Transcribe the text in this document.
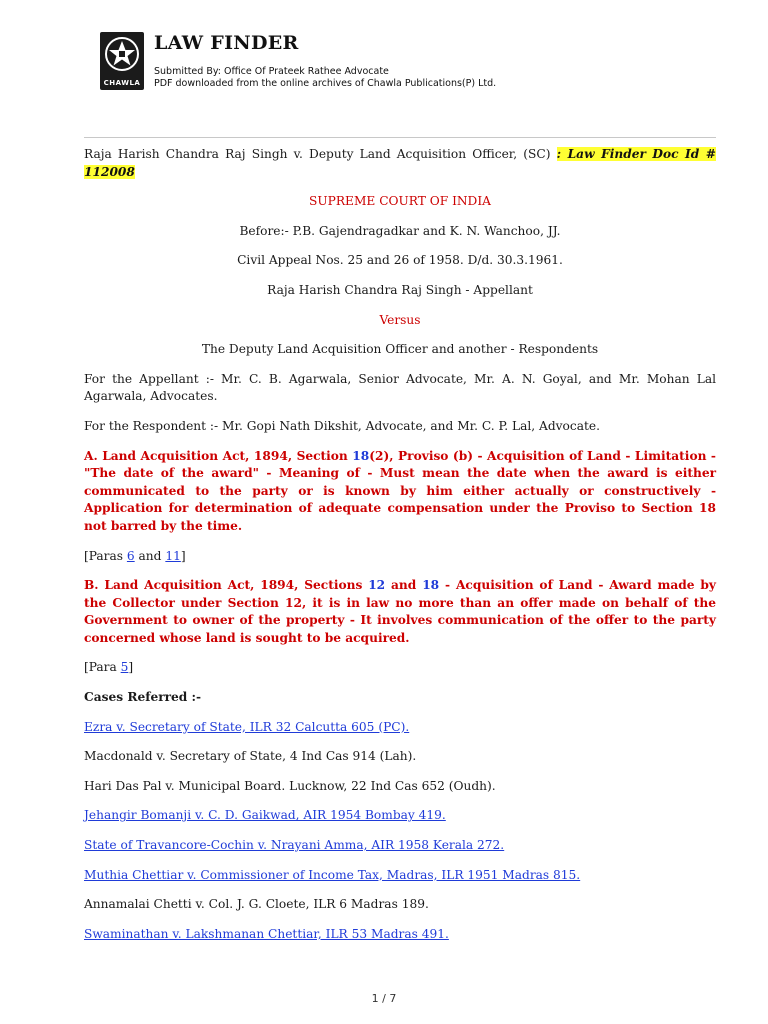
CHAWLA
LAW FINDER
Submitted By: Office Of Prateek Rathee Advocate
PDF downloaded from the online archives of Chawla Publications(P) Ltd.

Raja Harish Chandra Raj Singh v. Deputy Land Acquisition Officer, (SC) : Law Finder Doc Id # 112008

SUPREME COURT OF INDIA

Before:- P.B. Gajendragadkar and K. N. Wanchoo, JJ.

Civil Appeal Nos. 25 and 26 of 1958. D/d. 30.3.1961.

Raja Harish Chandra Raj Singh - Appellant

Versus

The Deputy Land Acquisition Officer and another - Respondents

For the Appellant :- Mr. C. B. Agarwala, Senior Advocate, Mr. A. N. Goyal, and Mr. Mohan Lal Agarwala, Advocates.

For the Respondent :- Mr. Gopi Nath Dikshit, Advocate, and Mr. C. P. Lal, Advocate.

A. Land Acquisition Act, 1894, Section 18(2), Proviso (b) - Acquisition of Land - Limitation - "The date of the award" - Meaning of - Must mean the date when the award is either communicated to the party or is known by him either actually or constructively - Application for determination of adequate compensation under the Proviso to Section 18 not barred by the time.

[Paras 6 and 11]

B. Land Acquisition Act, 1894, Sections 12 and 18 - Acquisition of Land - Award made by the Collector under Section 12, it is in law no more than an offer made on behalf of the Government to owner of the property - It involves communication of the offer to the party concerned whose land is sought to be acquired.

[Para 5]

Cases Referred :-

Ezra v. Secretary of State, ILR 32 Calcutta 605 (PC).

Macdonald v. Secretary of State, 4 Ind Cas 914 (Lah).

Hari Das Pal v. Municipal Board. Lucknow, 22 Ind Cas 652 (Oudh).

Jehangir Bomanji v. C. D. Gaikwad, AIR 1954 Bombay 419.

State of Travancore-Cochin v. Nrayani Amma, AIR 1958 Kerala 272.

Muthia Chettiar v. Commissioner of Income Tax, Madras, ILR 1951 Madras 815.

Annamalai Chetti v. Col. J. G. Cloete, ILR 6 Madras 189.

Swaminathan v. Lakshmanan Chettiar, ILR 53 Madras 491.

1 / 7
